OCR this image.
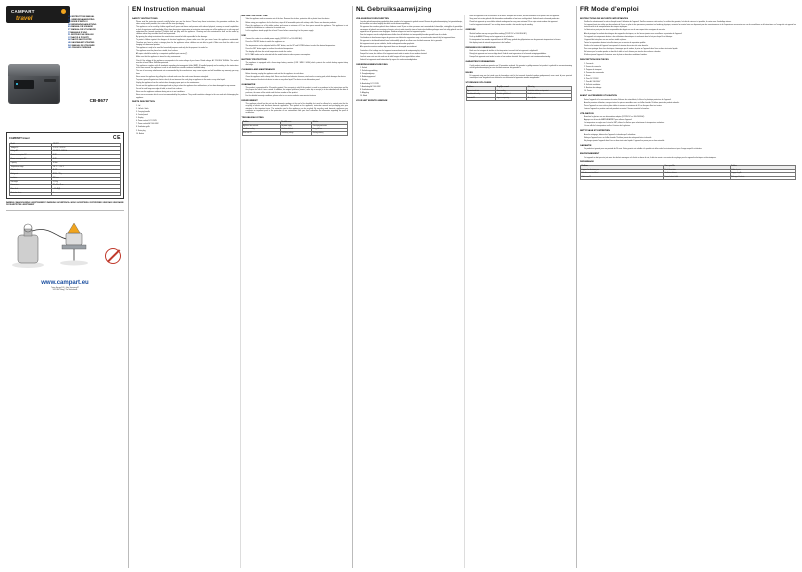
CAMPART
travel	EN INSTRUCTION MANUAL
NL GEBRUIKSAANWIJZING
FR MODE D'EMPLOI
DE BEDIENUNGSANLEITUNG
ES MANUAL DE USUARIO
PT MANUAL DE UTILIZADOR
IT MANUALE D'USO
PL INSTRUKCJA OBSLUGI
CZ NAVOD K POUZITI
SK NAVOD NA POUZITIE
HU HASZNALATI UTASITAS
RO MANUAL DE UTILIZARE
GR ODHGIES CHRHSHS
CB-8677
CAMPART travel	CE
Model	CB-8677
Voltage DC	12 V DC / 24 V DC
Voltage AC	100-240 V~ 50/60 Hz
Power consumption DC	45 W
Power consumption AC	60 W
Capacity	30 litre
Temperature range	-20 °C ... +20 °C
Climate class	N / ST
Refrigerant	R134a / 33 g
Insulation	PU foam
Net weight	12,5 kg
Dimensions	58 x 34 x 41 cm
Noise level	< 45 dB(A)
Protection class	I
WARNING / WAARSCHUWING / AVERTISSEMENT / WARNUNG / ADVERTENCIA / AVISO / AVVERTENZA / OSTRZEZENIE / VAROVANI / VAROVANIE / FIGYELMEZTETES / AVERTISMENT
www.campart.eu
Tristar Europe B.V. | Jules Verneweg 87
5015 BH Tilburg | The Netherlands
EN Instruction manual
SAFETY INSTRUCTIONS
• Please read the instruction manual carefully before you use the device. Please keep these instructions, the guarantee certificate, the sales receipt and if possible, the carton with the inner packaging.
• This appliance can be used by children aged from 8 years and above and persons with reduced physical, sensory or mental capabilities or lack of experience and knowledge if they have been given supervision or instruction concerning use of the appliance in a safe way and understand the hazards involved. Children shall not play with the appliance. Cleaning and user maintenance shall not be made by children unless they are older than 8 and supervised.
• By ignoring the safety instructions the manufacturer cannot be held responsible for the damage.
• To protect children against the dangers of electrical appliances, please make sure that you never leave the appliance unattended. Therefore you have to select a storage place for the appliance where children are not able to grab it. Make sure that the cable is not hanging in a downward position.
• This appliance is only to be used for household purposes and only for the purpose it is made for.
• The appliance must be placed on a stable, level surface.
• All repairs should be made by a competent qualified repair service(*).
• Make sure that the appliance is stored in a dry environment.
• Check if the voltage of the appliance corresponds to the main voltage of your home. Rated voltage: AC 220-240V 50/60Hz. The socket must be at least 16A or 10A slow-protected.
• This appliance complies with all standards regarding electromagnetic fields (EMF). If handled properly and according to the instructions in this user manual, the appliance is safe to use based on scientific evidence available today.
• The use of accessory attachments not recommended by the manufacturer may cause injuries and will invalidate any warranty you may have.
• Never move the appliance by pulling the cord and make sure the cord cannot become entangled.
• To protect yourself against an electric shock, do not immerse the cord, plug or appliance in the water or any other liquid.
• Unplug the appliance from the socket when changing spare parts or for maintenance.
• Do not use this appliance with a damaged cord or plug or when the appliance has malfunctions, or has been damaged in any manner.
• Do not let cord hang over edge of table, or touch hot surfaces.
• Never use the appliance outdoors during rain or in wet conditions.
• Never use accessories which are not recommended by the producer. They could constitute a danger to the user and risk of damaging the appliance.
PARTS DESCRIPTION
• 1. Lid
• 2. Lid lock / latch
• 3. Carrying handle
• 4. Control panel
• 5. Display
• 6. Power socket DC 12/24V
• 7. Power socket AC 100-240V
• 8. Ventilation grille
• 9. Drain plug
• 10. Basket
BEFORE THE FIRST USE
• Take the appliance and accessories out of the box. Remove the stickers, protective foil or plastic from the device.
• Before using your appliance for the first time, wipe off all removable parts with a damp cloth. Never use abrasive products.
• Place the appliance on a flat stable surface and ensure a minimum of 10 cm free space around the appliance. This appliance is not suitable for installation in a cabinet or for outside use.
• Let the appliance stand upright for at least 2 hours before connecting it to the power supply.
USE
• Connect the cooler to a suitable power supply (12/24V DC or 100-240V AC).
• Press the ON/OFF button to switch the appliance on.
• The temperature can be adjusted with the SET button, use the UP and DOWN buttons to select the desired temperature.
• Press the SET button again to confirm the selected temperature.
• The display will show the actual temperature inside the cooler.
• ECO / MAX mode can be selected with the mode button to reduce power consumption.
BATTERY PROTECTION
• The appliance is equipped with a three-stage battery monitor (LOW / MED / HIGH) which protects the vehicle battery against deep discharge.
CLEANING AND MAINTENANCE
• Before cleaning, unplug the appliance and wait for the appliance to cool down.
• Clean the appliance with a damp cloth. Never use harsh and abrasive cleaners, steel wool or scouring pad, which damages the device.
• Never immerse the electrical device in water or any other liquid. The device is not dishwasher proof.
GUARANTEE
• This product is guaranteed for 24 months granted. Your warranty is valid if the product is used in accordance to the instructions and for the purpose for which it was created. In addition, the original purchase (invoice, sales slip or receipt) is to be submitted with the date of purchase, the name of the retailer and the item number of the product.
• For the detailed warranty conditions, please refer to our service website: www.service.tristar.eu
ENVIRONMENT
• This appliance should not be put into the domestic garbage at the end of its durability, but must be offered at a central point for the recycling of electric and electronic domestic appliances. This symbol on the appliance, instruction manual and packaging puts your attention to this important issue. The materials used in this appliance can be recycled. By recycling used domestic appliances you contribute an important push to the protection of our environment. Ask your local authorities for information regarding the point of recollection.
TROUBLESHOOTING
Problem	Possible cause	Solution
Appliance does not work	No power supply	Check plug and socket
Insufficient cooling	Ventilation blocked	Keep grille free
Error code F1	Low battery voltage	Recharge battery
NL Gebruiksaanwijzing
VEILIGHEIDSVOORSCHRIFTEN
• Lees de gebruiksaanwijzing aandachtig door voordat u het apparaat in gebruik neemt. Bewaar de gebruiksaanwijzing, het garantiebewijs, de kassabon en indien mogelijk de doos met de binnenverpakking.
• Dit apparaat kan worden gebruikt door kinderen vanaf 8 jaar en door personen met verminderde lichamelijke, zintuiglijke of geestelijke vermogens of gebrek aan ervaring en kennis, mits zij onder toezicht staan of instructies hebben gekregen over het veilig gebruik van het apparaat en de gevaren ervan begrijpen. Kinderen mogen niet met het apparaat spelen.
• Door het negeren van de veiligheidsvoorschriften kan de fabrikant niet aansprakelijk worden gesteld voor de schade.
• Om kinderen te beschermen tegen de gevaren van elektrische apparatuur mag u ze nooit zonder toezicht bij het apparaat laten.
• Dit apparaat is uitsluitend bedoeld voor huishoudelijk gebruik en alleen voor het doel waarvoor het is gemaakt.
• Het apparaat moet op een stabiele, vlakke ondergrond worden geplaatst.
• Alle reparaties moeten worden uitgevoerd door een bevoegde servicedienst.
• Controleer of het voltage van het apparaat overeenkomt met de netspanning bij u thuis.
• Dompel het snoer, de stekker of het apparaat nooit onder in water of een andere vloeistof.
• Laat het snoer niet over de rand van de tafel hangen of hete oppervlakken raken.
• Gebruik het apparaat nooit buitenshuis bij regen of in natte omstandigheden.
ONDERDELENBESCHRIJVING
• 1. Deksel
• 2. Dekselvergrendeling
• 3. Draaghandgreep
• 4. Bedieningspaneel
• 5. Display
• 6. Aansluiting DC 12/24V
• 7. Aansluiting AC 100-240V
• 8. Ventilatierooster
• 9. Aftapplug
• 10. Mand
VOOR HET EERSTE GEBRUIK
• Haal het apparaat en de accessoires uit de doos. Verwijder de stickers, de beschermfolie of het plastic van het apparaat.
• Veeg voor het eerste gebruik alle afneembare onderdelen af met een vochtige doek. Gebruik nooit schurende producten.
• Plaats het apparaat op een vlakke stabiele ondergrond en zorg voor minimaal 10 cm vrije ruimte rondom het apparaat.
• Laat het apparaat minimaal 2 uur rechtop staan voordat u het aansluit op de voeding.
GEBRUIK
• Sluit de koelbox aan op een geschikte voeding (12/24V DC of 100-240V AC).
• Druk op de AAN/UIT-knop om het apparaat in te schakelen.
• De temperatuur kan worden ingesteld met de SET-knop; gebruik de pijltjestoetsen om de gewenste temperatuur te kiezen.
• Het display toont de actuele temperatuur in de koelbox.
REINIGING EN ONDERHOUD
• Haal voor het reinigen de stekker uit het stopcontact en wacht tot het apparaat is afgekoeld.
• Reinig het apparaat met een vochtige doek. Gebruik nooit agressieve of schurende reinigingsmiddelen.
• Dompel het apparaat nooit onder in water of een andere vloeistof. Het apparaat is niet vaatwasserbestendig.
GARANTIEVOORWAARDEN
• Op dit product wordt een garantie van 24 maanden verleend. Uw garantie is geldig wanneer het product is gebruikt in overeenstemming met de gebruiksaanwijzing en voor het doel waarvoor het gemaakt is.
MILIEU
• Dit apparaat mag aan het einde van de levensduur niet bij het normale huisafval worden gedeponeerd, maar moet bij een speciaal inzamelpunt voor hergebruik van elektrische en elektronische apparaten worden aangeboden.
STORINGEN OPLOSSEN
Probleem	Mogelijke oorzaak	Oplossing
Apparaat werkt niet	Geen voeding	Controleer stekker en stopcontact
Onvoldoende koeling	Ventilatie geblokkeerd	Houd het rooster vrij
Foutcode F1	Lage accuspanning	Accu opladen
FR Mode d'emploi
INSTRUCTIONS DE SECURITE IMPORTANTES
• Veuillez lire attentivement la notice d'emploi avant l'utilisation de l'appareil. Veuillez conserver cette notice, le certificat de garantie, le ticket de caisse et si possible, le carton avec l'emballage interne.
• Cet appareil peut etre utilise par des enfants de 8 ans ou plus et des personnes presentant un handicap physique, sensoriel ou mental voire ne disposant pas des connaissances et de l'experience necessaires en cas de surveillance ou d'instructions sur l'usage de cet appareil en toute securite et de comprehension des risques impliques.
• Le fabricant ne peut pas etre tenu responsable des degats en cas de non-respect des consignes de securite.
• Afin de proteger les enfants des dangers des appareils electriques, ne les laissez jamais sans surveillance a proximite de l'appareil.
• Cet appareil est uniquement destine a des utilisations domestiques et seulement dans le but pour lequel il est fabrique.
• L'appareil doit etre place sur une surface stable et plane.
• Toutes les reparations doivent etre effectuees par un service de reparation qualifie.
• Verifiez si la tension de l'appareil correspond a la tension du secteur de votre domicile.
• Pour vous proteger d'un choc electrique, n'immergez pas le cordon, la prise ou l'appareil dans l'eau ou dans tout autre liquide.
• Ne laissez pas le cordon pendre au bord de la table et ne le laissez pas toucher des surfaces chaudes.
• N'utilisez jamais l'appareil a l'exterieur sous la pluie ou dans des conditions humides.
DESCRIPTION DES PIECES
• 1. Couvercle
• 2. Verrou du couvercle
• 3. Poignee de transport
• 4. Panneau de commande
• 5. Ecran
• 6. Prise DC 12/24V
• 7. Prise AC 100-240V
• 8. Grille de ventilation
• 9. Bouchon de vidange
• 10. Panier
AVANT LA PREMIERE UTILISATION
• Sortez l'appareil et les accessoires du carton. Enlevez les autocollants, le film ou le plastique protecteur de l'appareil.
• Avant la premiere utilisation, essuyez toutes les pieces amovibles avec un chiffon humide. N'utilisez jamais de produits abrasifs.
• Posez l'appareil sur une surface plate stable et assurez un minimum de 10 cm d'espace libre tout autour.
• Laissez l'appareil en position verticale pendant au moins 2 heures avant de le brancher.
UTILISATION
• Branchez la glaciere sur une alimentation adaptee (12/24V DC ou 100-240V AC).
• Appuyez sur la touche MARCHE/ARRET pour allumer l'appareil.
• La temperature se regle avec la touche SET, utilisez les fleches pour selectionner la temperature souhaitee.
• L'ecran affiche la temperature reelle a l'interieur de la glaciere.
NETTOYAGE ET ENTRETIEN
• Avant le nettoyage, debranchez l'appareil et attendez qu'il refroidisse.
• Nettoyez l'appareil avec un chiffon humide. N'utilisez jamais de nettoyants forts et abrasifs.
• Ne plongez jamais l'appareil dans l'eau ou dans tout autre liquide. L'appareil ne passe pas au lave-vaisselle.
GARANTIE
• Ce produit est garanti pour une periode de 24 mois. Votre garantie est valable si le produit est utilise selon les instructions et pour l'usage auquel il est destine.
ENVIRONNEMENT
• Cet appareil ne doit pas etre jete avec les dechets menagers a la fin de sa duree de vie, il doit etre remis a un centre de recyclage pour les appareils electriques et electroniques.
DEPANNAGE
Probleme	Cause possible	Solution
L'appareil ne fonctionne pas	Pas d'alimentation	Verifiez la prise
Refroidissement insuffisant	Ventilation obstruee	Degagez la grille
Code erreur F1	Tension batterie faible	Rechargez la batterie
